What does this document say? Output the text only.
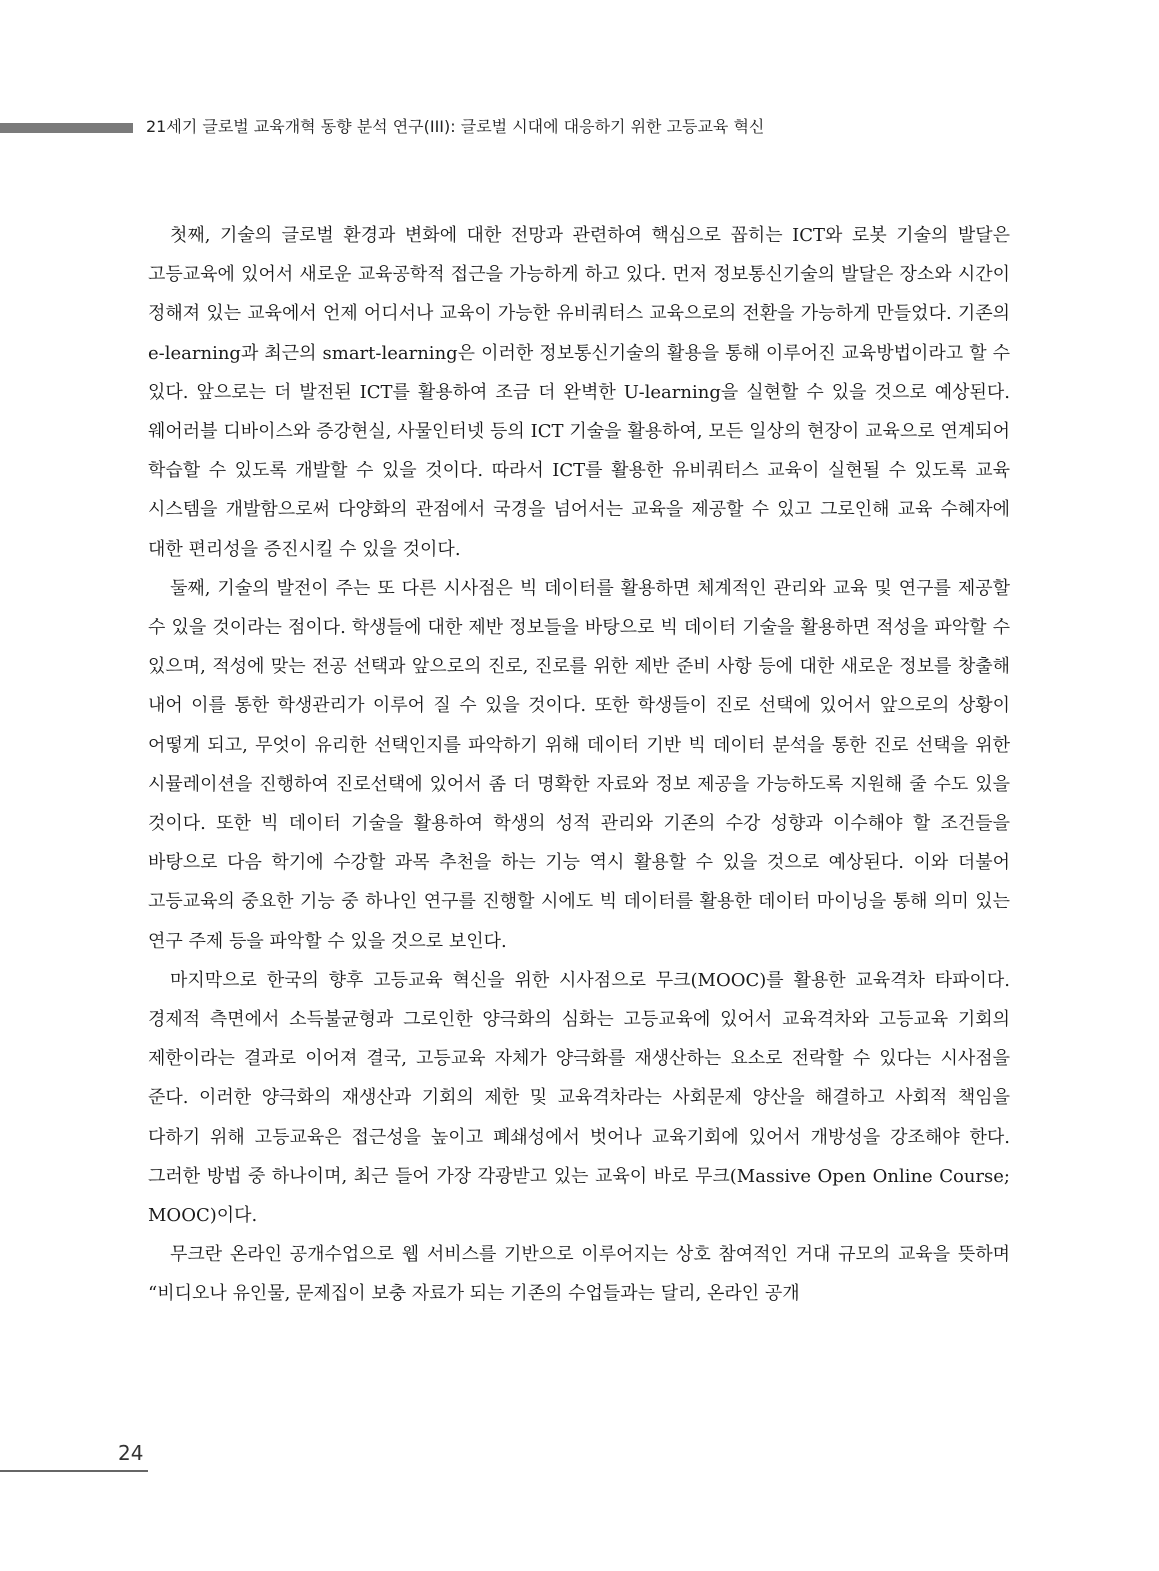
21세기 글로벌 교육개혁 동향 분석 연구(III): 글로벌 시대에 대응하기 위한 고등교육 혁신

첫째, 기술의 글로벌 환경과 변화에 대한 전망과 관련하여 핵심으로 꼽히는 ICT와 로봇 기술의 발달은 고등교육에 있어서 새로운 교육공학적 접근을 가능하게 하고 있다. 먼저 정보통신기술의 발달은 장소와 시간이 정해져 있는 교육에서 언제 어디서나 교육이 가능한 유비쿼터스 교육으로의 전환을 가능하게 만들었다. 기존의 e-learning과 최근의 smart-learning은 이러한 정보통신기술의 활용을 통해 이루어진 교육방법이라고 할 수 있다. 앞으로는 더 발전된 ICT를 활용하여 조금 더 완벽한 U-learning을 실현할 수 있을 것으로 예상된다. 웨어러블 디바이스와 증강현실, 사물인터넷 등의 ICT 기술을 활용하여, 모든 일상의 현장이 교육으로 연계되어 학습할 수 있도록 개발할 수 있을 것이다. 따라서 ICT를 활용한 유비쿼터스 교육이 실현될 수 있도록 교육 시스템을 개발함으로써 다양화의 관점에서 국경을 넘어서는 교육을 제공할 수 있고 그로인해 교육 수혜자에 대한 편리성을 증진시킬 수 있을 것이다.

둘째, 기술의 발전이 주는 또 다른 시사점은 빅 데이터를 활용하면 체계적인 관리와 교육 및 연구를 제공할 수 있을 것이라는 점이다. 학생들에 대한 제반 정보들을 바탕으로 빅 데이터 기술을 활용하면 적성을 파악할 수 있으며, 적성에 맞는 전공 선택과 앞으로의 진로, 진로를 위한 제반 준비 사항 등에 대한 새로운 정보를 창출해 내어 이를 통한 학생관리가 이루어 질 수 있을 것이다. 또한 학생들이 진로 선택에 있어서 앞으로의 상황이 어떻게 되고, 무엇이 유리한 선택인지를 파악하기 위해 데이터 기반 빅 데이터 분석을 통한 진로 선택을 위한 시뮬레이션을 진행하여 진로선택에 있어서 좀 더 명확한 자료와 정보 제공을 가능하도록 지원해 줄 수도 있을 것이다. 또한 빅 데이터 기술을 활용하여 학생의 성적 관리와 기존의 수강 성향과 이수해야 할 조건들을 바탕으로 다음 학기에 수강할 과목 추천을 하는 기능 역시 활용할 수 있을 것으로 예상된다. 이와 더불어 고등교육의 중요한 기능 중 하나인 연구를 진행할 시에도 빅 데이터를 활용한 데이터 마이닝을 통해 의미 있는 연구 주제 등을 파악할 수 있을 것으로 보인다.

마지막으로 한국의 향후 고등교육 혁신을 위한 시사점으로 무크(MOOC)를 활용한 교육격차 타파이다. 경제적 측면에서 소득불균형과 그로인한 양극화의 심화는 고등교육에 있어서 교육격차와 고등교육 기회의 제한이라는 결과로 이어져 결국, 고등교육 자체가 양극화를 재생산하는 요소로 전락할 수 있다는 시사점을 준다. 이러한 양극화의 재생산과 기회의 제한 및 교육격차라는 사회문제 양산을 해결하고 사회적 책임을 다하기 위해 고등교육은 접근성을 높이고 폐쇄성에서 벗어나 교육기회에 있어서 개방성을 강조해야 한다. 그러한 방법 중 하나이며, 최근 들어 가장 각광받고 있는 교육이 바로 무크(Massive Open Online Course; MOOC)이다.

무크란 온라인 공개수업으로 웹 서비스를 기반으로 이루어지는 상호 참여적인 거대 규모의 교육을 뜻하며 “비디오나 유인물, 문제집이 보충 자료가 되는 기존의 수업들과는 달리, 온라인 공개

24
